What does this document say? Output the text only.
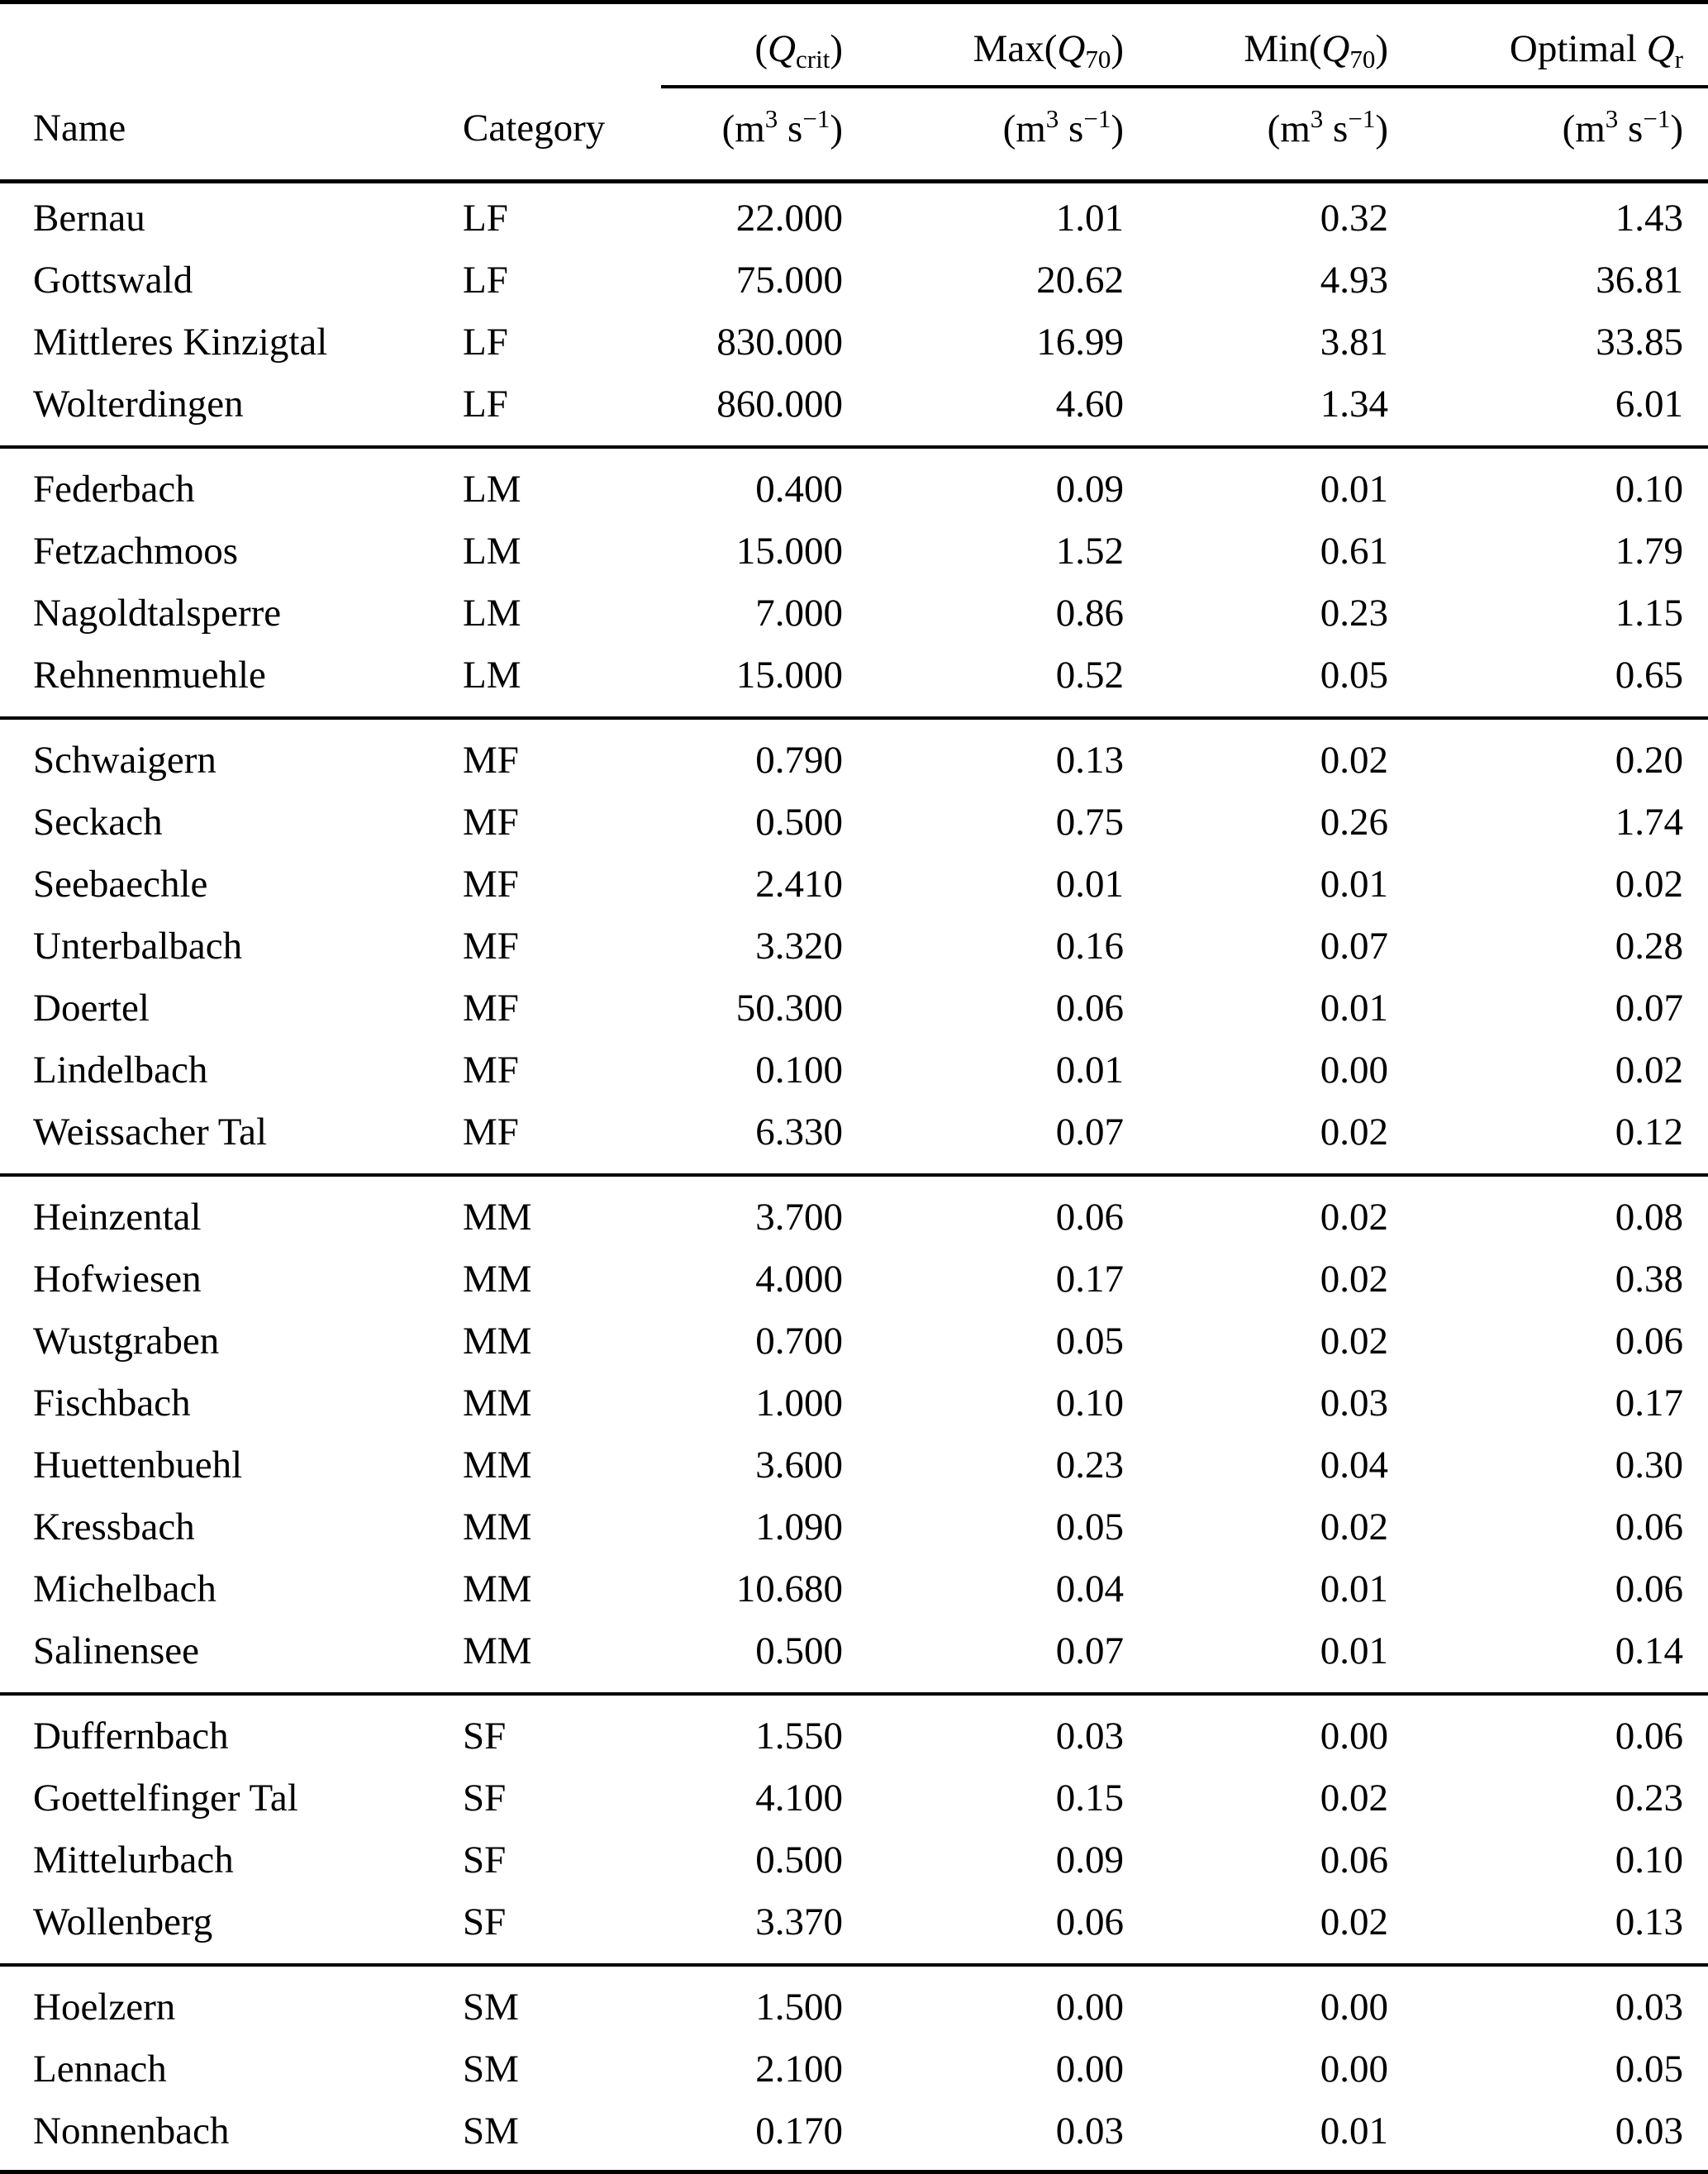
		$(Q_{crit})$	$Max(Q_{70})$	$Min(Q_{70})$	Optimal $Q_r$
Name	Category	($m^3$ $s^{-1}$)	($m^3$ $s^{-1}$)	($m^3$ $s^{-1}$)	($m^3$ $s^{-1}$)
Bernau	LF	22.000	1.01	0.32	1.43
Gottswald	LF	75.000	20.62	4.93	36.81
Mittleres Kinzigtal	LF	830.000	16.99	3.81	33.85
Wolterdingen	LF	860.000	4.60	1.34	6.01
Federbach	LM	0.400	0.09	0.01	0.10
Fetzachmoos	LM	15.000	1.52	0.61	1.79
Nagoldtalsperre	LM	7.000	0.86	0.23	1.15
Rehnenmuehle	LM	15.000	0.52	0.05	0.65
Schwaigern	MF	0.790	0.13	0.02	0.20
Seckach	MF	0.500	0.75	0.26	1.74
Seebaechle	MF	2.410	0.01	0.01	0.02
Unterbalbach	MF	3.320	0.16	0.07	0.28
Doertel	MF	50.300	0.06	0.01	0.07
Lindelbach	MF	0.100	0.01	0.00	0.02
Weissacher Tal	MF	6.330	0.07	0.02	0.12
Heinzental	MM	3.700	0.06	0.02	0.08
Hofwiesen	MM	4.000	0.17	0.02	0.38
Wustgraben	MM	0.700	0.05	0.02	0.06
Fischbach	MM	1.000	0.10	0.03	0.17
Huettenbuehl	MM	3.600	0.23	0.04	0.30
Kressbach	MM	1.090	0.05	0.02	0.06
Michelbach	MM	10.680	0.04	0.01	0.06
Salinensee	MM	0.500	0.07	0.01	0.14
Duffernbach	SF	1.550	0.03	0.00	0.06
Goettelfinger Tal	SF	4.100	0.15	0.02	0.23
Mittelurbach	SF	0.500	0.09	0.06	0.10
Wollenberg	SF	3.370	0.06	0.02	0.13
Hoelzern	SM	1.500	0.00	0.00	0.03
Lennach	SM	2.100	0.00	0.00	0.05
Nonnenbach	SM	0.170	0.03	0.01	0.03
